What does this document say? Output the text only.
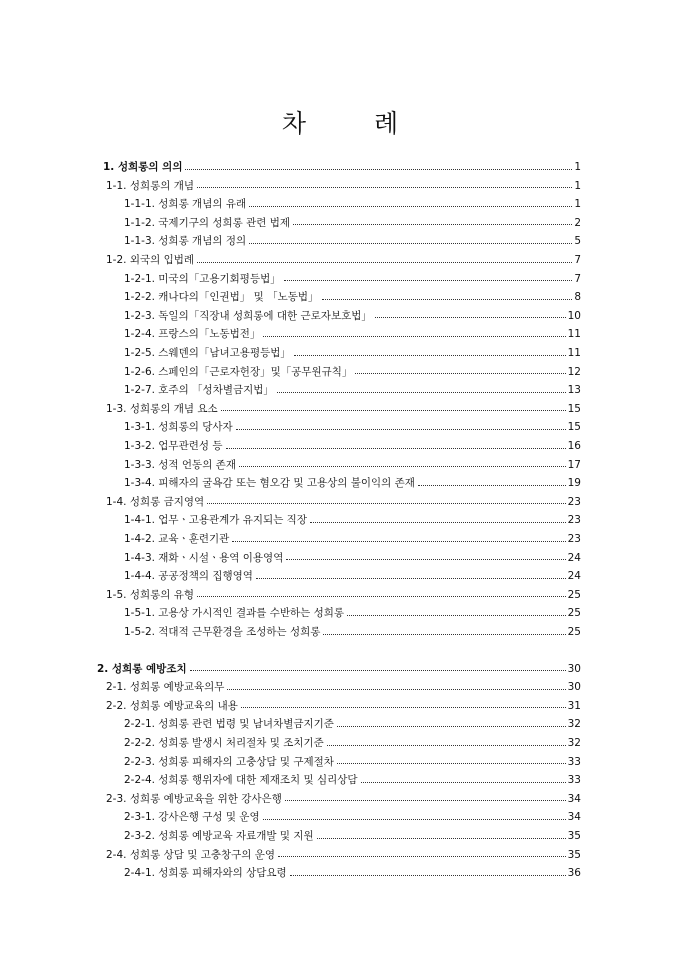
차 례
1. 성희롱의 의의	1
1-1. 성희롱의 개념	1
1-1-1. 성희롱 개념의 유래	1
1-1-2. 국제기구의 성희롱 관련 법제	2
1-1-3. 성희롱 개념의 정의	5
1-2. 외국의 입법례	7
1-2-1. 미국의「고용기회평등법」	7
1-2-2. 캐나다의「인권법」 및 「노동법」	8
1-2-3. 독일의「직장내 성희롱에 대한 근로자보호법」	10
1-2-4. 프랑스의「노동법전」	11
1-2-5. 스웨덴의「남녀고용평등법」	11
1-2-6. 스페인의「근로자헌장」및「공무원규칙」	12
1-2-7. 호주의 「성차별금지법」	13
1-3. 성희롱의 개념 요소	15
1-3-1. 성희롱의 당사자	15
1-3-2. 업무관련성 등	16
1-3-3. 성적 언동의 존재	17
1-3-4. 피해자의 굴욕감 또는 혐오감 및 고용상의 불이익의 존재	19
1-4. 성희롱 금지영역	23
1-4-1. 업무ㆍ고용관계가 유지되는 직장	23
1-4-2. 교육ㆍ훈련기관	23
1-4-3. 재화ㆍ시설ㆍ용역 이용영역	24
1-4-4. 공공정책의 집행영역	24
1-5. 성희롱의 유형	25
1-5-1. 고용상 가시적인 결과를 수반하는 성희롱	25
1-5-2. 적대적 근무환경을 조성하는 성희롱	25
2. 성희롱 예방조치	30
2-1. 성희롱 예방교육의무	30
2-2. 성희롱 예방교육의 내용	31
2-2-1. 성희롱 관련 법령 및 남녀차별금지기준	32
2-2-2. 성희롱 발생시 처리절차 및 조치기준	32
2-2-3. 성희롱 피해자의 고충상담 및 구제절차	33
2-2-4. 성희롱 행위자에 대한 제재조치 및 심리상담	33
2-3. 성희롱 예방교육을 위한 강사은행	34
2-3-1. 강사은행 구성 및 운영	34
2-3-2. 성희롱 예방교육 자료개발 및 지원	35
2-4. 성희롱 상담 및 고충창구의 운영	35
2-4-1. 성희롱 피해자와의 상담요령	36
